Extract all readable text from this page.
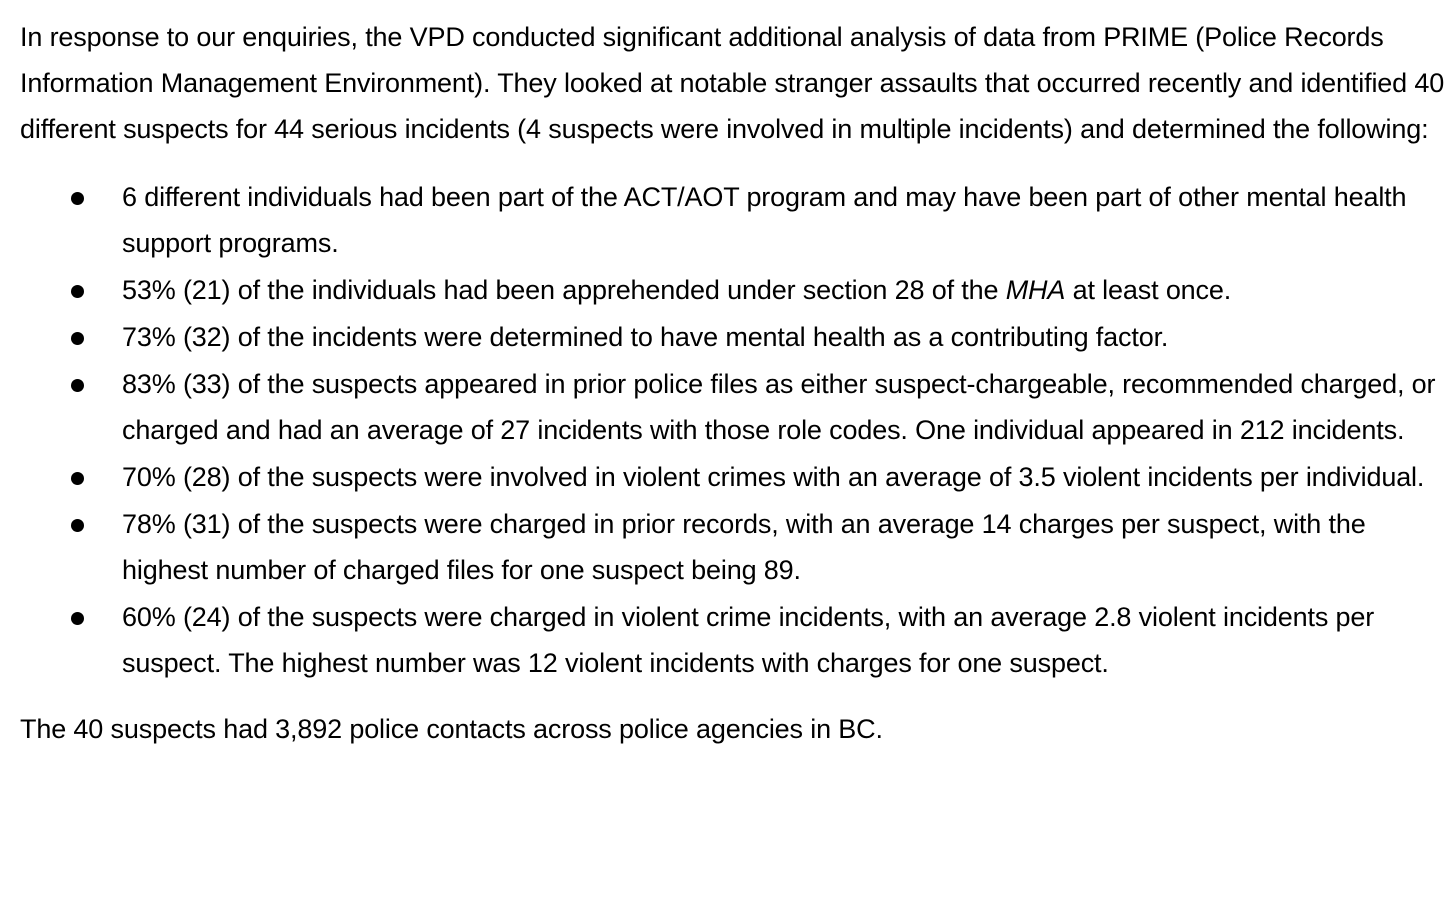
In response to our enquiries, the VPD conducted significant additional analysis of data from PRIME (Police Records Information Management Environment). They looked at notable stranger assaults that occurred recently and identified 40 different suspects for 44 serious incidents (4 suspects were involved in multiple incidents) and determined the following:

6 different individuals had been part of the ACT/AOT program and may have been part of other mental health support programs.
53% (21) of the individuals had been apprehended under section 28 of the MHA at least once.
73% (32) of the incidents were determined to have mental health as a contributing factor.
83% (33) of the suspects appeared in prior police files as either suspect-chargeable, recommended charged, or charged and had an average of 27 incidents with those role codes. One individual appeared in 212 incidents.
70% (28) of the suspects were involved in violent crimes with an average of 3.5 violent incidents per individual.
78% (31) of the suspects were charged in prior records, with an average 14 charges per suspect, with the highest number of charged files for one suspect being 89.
60% (24) of the suspects were charged in violent crime incidents, with an average 2.8 violent incidents per suspect. The highest number was 12 violent incidents with charges for one suspect.

The 40 suspects had 3,892 police contacts across police agencies in BC.
